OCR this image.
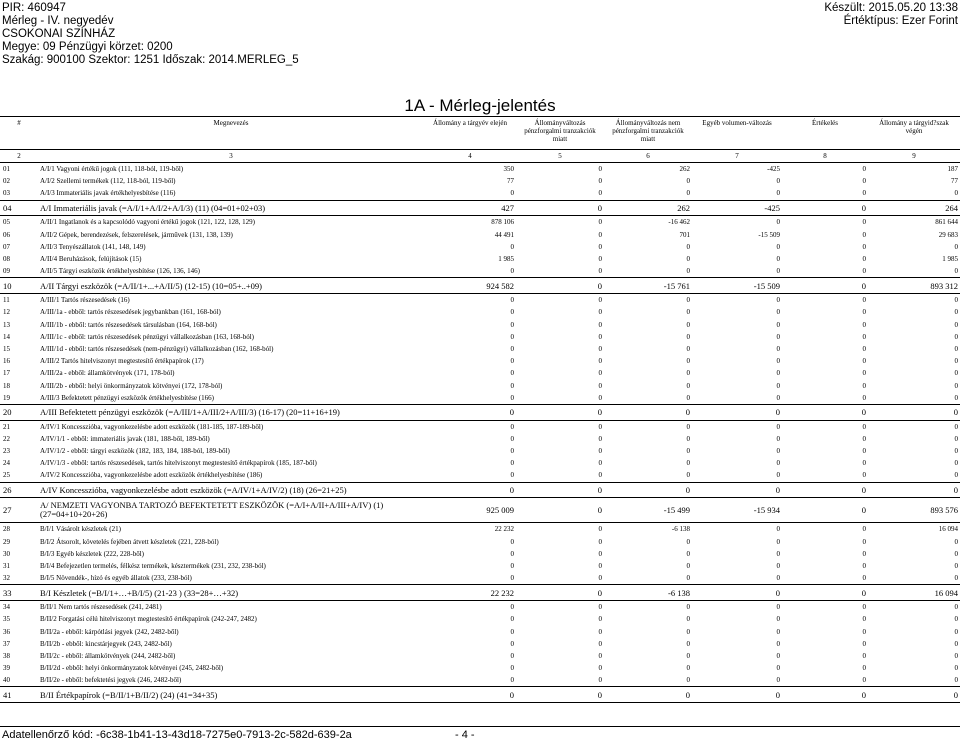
PIR: 460947
Mérleg - IV. negyedév
CSOKONAI SZÍNHÁZ
Megye: 09 Pénzügyi körzet: 0200
Szakág: 900100 Szektor: 1251 Időszak: 2014.MERLEG_5
Készült: 2015.05.20 13:38
Értéktípus: Ezer Forint
1A - Mérleg-jelentés
#	Megnevezés	Állomány a tárgyév elején	Állományváltozás pénzforgalmi tranzakciók miatt	Állományváltozás nem pénzforgalmi tranzakciók miatt	Egyéb volumen-változás	Értékelés	Állomány a tárgyid?szak végén
2	3	4	5	6	7	8	9
01	A/I/1 Vagyoni értékű jogok (111, 118-ból, 119-ből)	350	0	262	-425	0	187
02	A/I/2 Szellemi termékek (112, 118-ból, 119-ből)	77	0	0	0	0	77
03	A/I/3 Immateriális javak értékhelyesbítése (116)	0	0	0	0	0	0
04	A/I Immateriális javak (=A/I/1+A/I/2+A/I/3) (11) (04=01+02+03)	427	0	262	-425	0	264
05	A/II/1 Ingatlanok és a kapcsolódó vagyoni értékű jogok (121, 122, 128, 129)	878 106	0	-16 462	0	0	861 644
06	A/II/2 Gépek, berendezések, felszerelések, járművek (131, 138, 139)	44 491	0	701	-15 509	0	29 683
07	A/II/3 Tenyészállatok (141, 148, 149)	0	0	0	0	0	0
08	A/II/4 Beruházások, felújítások (15)	1 985	0	0	0	0	1 985
09	A/II/5 Tárgyi eszközök értékhelyesbítése (126, 136, 146)	0	0	0	0	0	0
10	A/II Tárgyi eszközök (=A/II/1+...+A/II/5) (12-15) (10=05+..+09)	924 582	0	-15 761	-15 509	0	893 312
11	A/III/1 Tartós részesedések (16)	0	0	0	0	0	0
12	A/III/1a - ebből: tartós részesedések jegybankban (161, 168-ból)	0	0	0	0	0	0
13	A/III/1b - ebből: tartós részesedések társulásban (164, 168-ból)	0	0	0	0	0	0
14	A/III/1c - ebből: tartós részesedések pénzügyi vállalkozásban (163, 168-ból)	0	0	0	0	0	0
15	A/III/1d - ebből: tartós részesedések (nem-pénzügyi) vállalkozásban (162, 168-ból)	0	0	0	0	0	0
16	A/III/2 Tartós hitelviszonyt megtestesítő értékpapírok (17)	0	0	0	0	0	0
17	A/III/2a - ebből: államkötvények (171, 178-ból)	0	0	0	0	0	0
18	A/III/2b - ebből: helyi önkormányzatok kötvényei (172, 178-ból)	0	0	0	0	0	0
19	A/III/3 Befektetett pénzügyi eszközök értékhelyesbítése (166)	0	0	0	0	0	0
20	A/III Befektetett pénzügyi eszközök (=A/III/1+A/III/2+A/III/3) (16-17) (20=11+16+19)	0	0	0	0	0	0
21	A/IV/1 Koncesszióba, vagyonkezelésbe adott eszközök (181-185, 187-189-ből)	0	0	0	0	0	0
22	A/IV/1/1 - ebből: immateriális javak (181, 188-ből, 189-ből)	0	0	0	0	0	0
23	A/IV/1/2 - ebből: tárgyi eszközök (182, 183, 184, 188-ból, 189-ből)	0	0	0	0	0	0
24	A/IV/1/3 - ebből: tartós részesedések, tartós hitelviszonyt megtestesítő értékpapírok (185, 187-ből)	0	0	0	0	0	0
25	A/IV/2 Koncesszióba, vagyonkezelésbe adott eszközök értékhelyesbítése (186)	0	0	0	0	0	0
26	A/IV Koncesszióba, vagyonkezelésbe adott eszközök (=A/IV/1+A/IV/2) (18) (26=21+25)	0	0	0	0	0	0
27	A/ NEMZETI VAGYONBA TARTOZÓ BEFEKTETETT ESZKÖZÖK (=A/I+A/II+A/III+A/IV) (1) (27=04+10+20+26)	925 009	0	-15 499	-15 934	0	893 576
28	B/I/1 Vásárolt készletek (21)	22 232	0	-6 138	0	0	16 094
29	B/I/2 Átsorolt, követelés fejében átvett készletek (221, 228-ból)	0	0	0	0	0	0
30	B/I/3 Egyéb készletek (222, 228-ből)	0	0	0	0	0	0
31	B/I/4 Befejezetlen termelés, félkész termékek, késztermékek (231, 232, 238-ból)	0	0	0	0	0	0
32	B/I/5 Növendék-, hízó és egyéb állatok (233, 238-ból)	0	0	0	0	0	0
33	B/I Készletek (=B/I/1+…+B/I/5) (21-23 ) (33=28+…+32)	22 232	0	-6 138	0	0	16 094
34	B/II/1 Nem tartós részesedések (241, 2481)	0	0	0	0	0	0
35	B/II/2 Forgatási célú hitelviszonyt megtestesítő értékpapírok (242-247, 2482)	0	0	0	0	0	0
36	B/II/2a - ebből: kárpótlási jegyek (242, 2482-ből)	0	0	0	0	0	0
37	B/II/2b - ebből: kincstárjegyek (243, 2482-ből)	0	0	0	0	0	0
38	B/II/2c - ebből: államkötvények (244, 2482-ből)	0	0	0	0	0	0
39	B/II/2d - ebből: helyi önkormányzatok kötvényei (245, 2482-ből)	0	0	0	0	0	0
40	B/II/2e - ebből: befektetési jegyek (246, 2482-ből)	0	0	0	0	0	0
41	B/II Értékpapírok (=B/II/1+B/II/2) (24) (41=34+35)	0	0	0	0	0	0
Adatellenőrző kód: -6c38-1b41-13-43d18-7275e0-7913-2c-582d-639-2a	- 4 -
